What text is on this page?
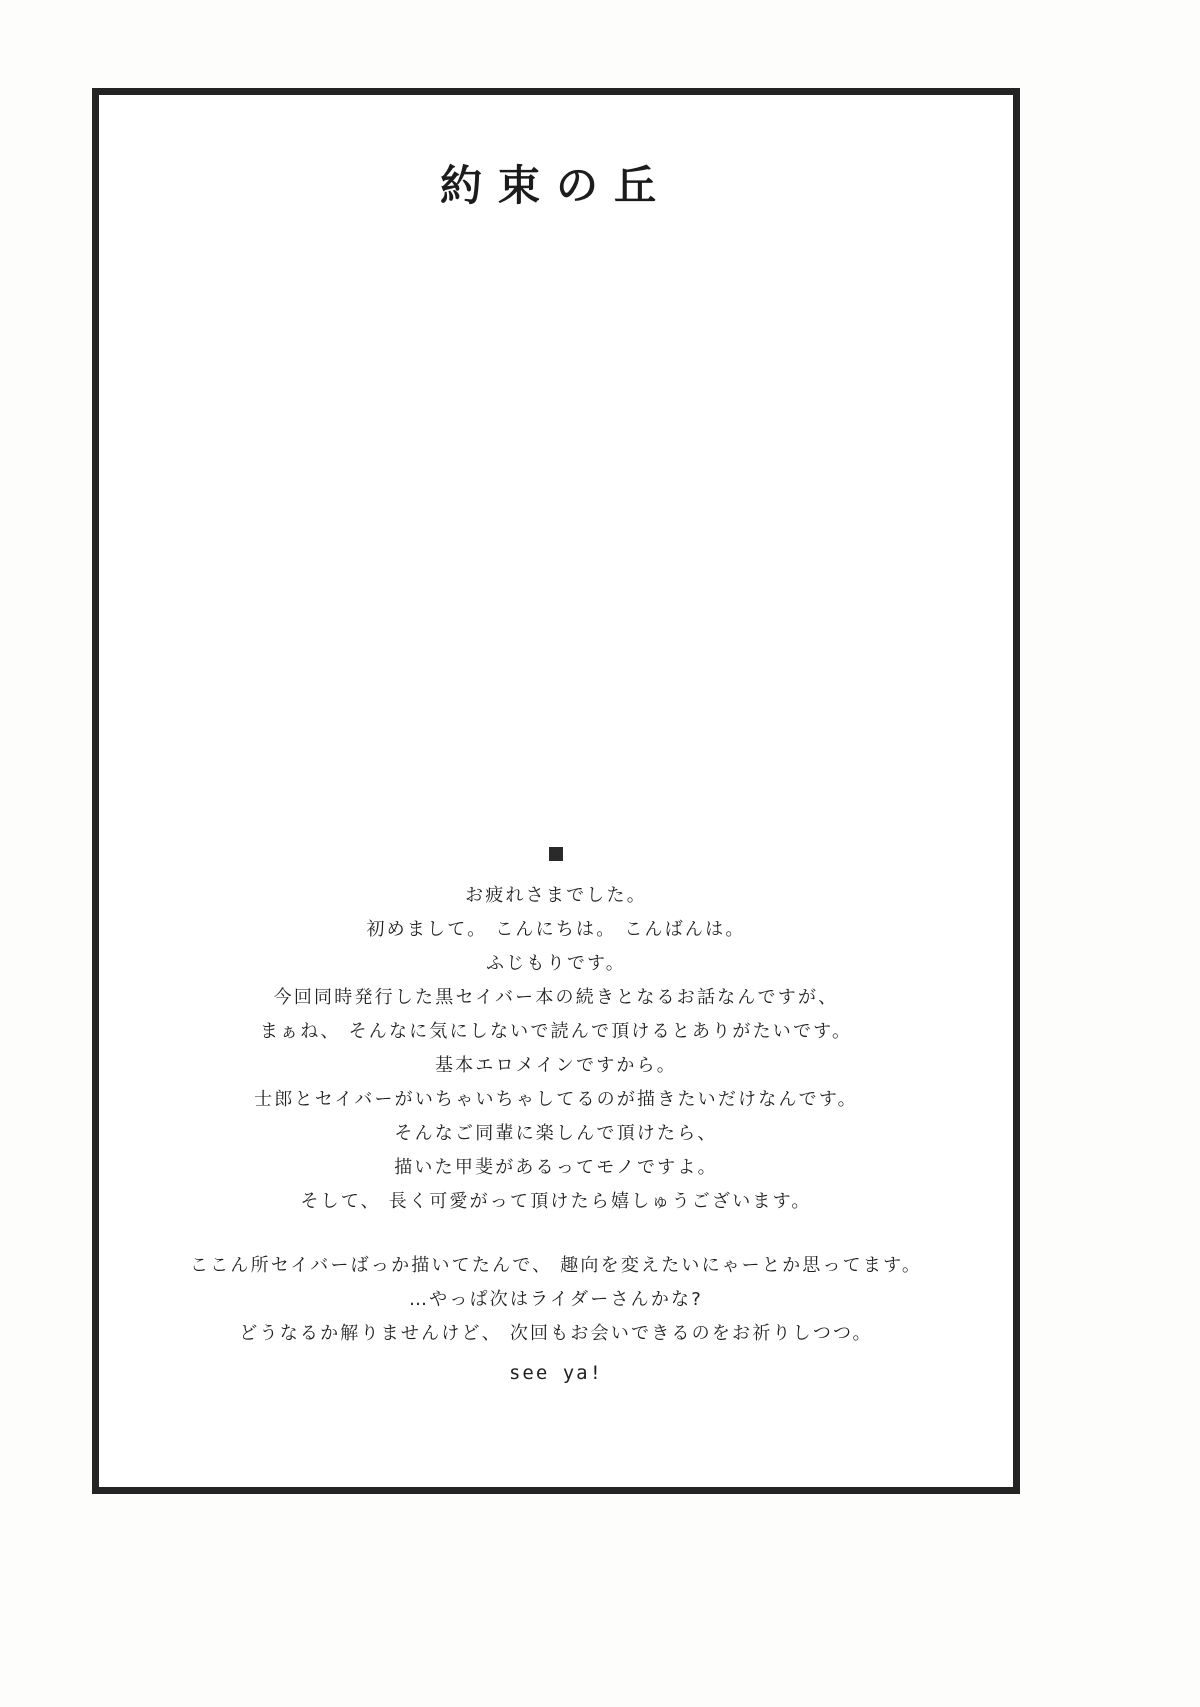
約束の丘
お疲れさまでした。
初めまして。 こんにちは。 こんばんは。
ふじもりです。
今回同時発行した黒セイバー本の続きとなるお話なんですが、
まぁね、 そんなに気にしないで読んで頂けるとありがたいです。
基本エロメインですから。
士郎とセイバーがいちゃいちゃしてるのが描きたいだけなんです。
そんなご同輩に楽しんで頂けたら、
描いた甲斐があるってモノですよ。
そして、 長く可愛がって頂けたら嬉しゅうございます。
ここん所セイバーばっか描いてたんで、 趣向を変えたいにゃーとか思ってます。
…やっぱ次はライダーさんかな?
どうなるか解りませんけど、 次回もお会いできるのをお祈りしつつ。
see ya!
